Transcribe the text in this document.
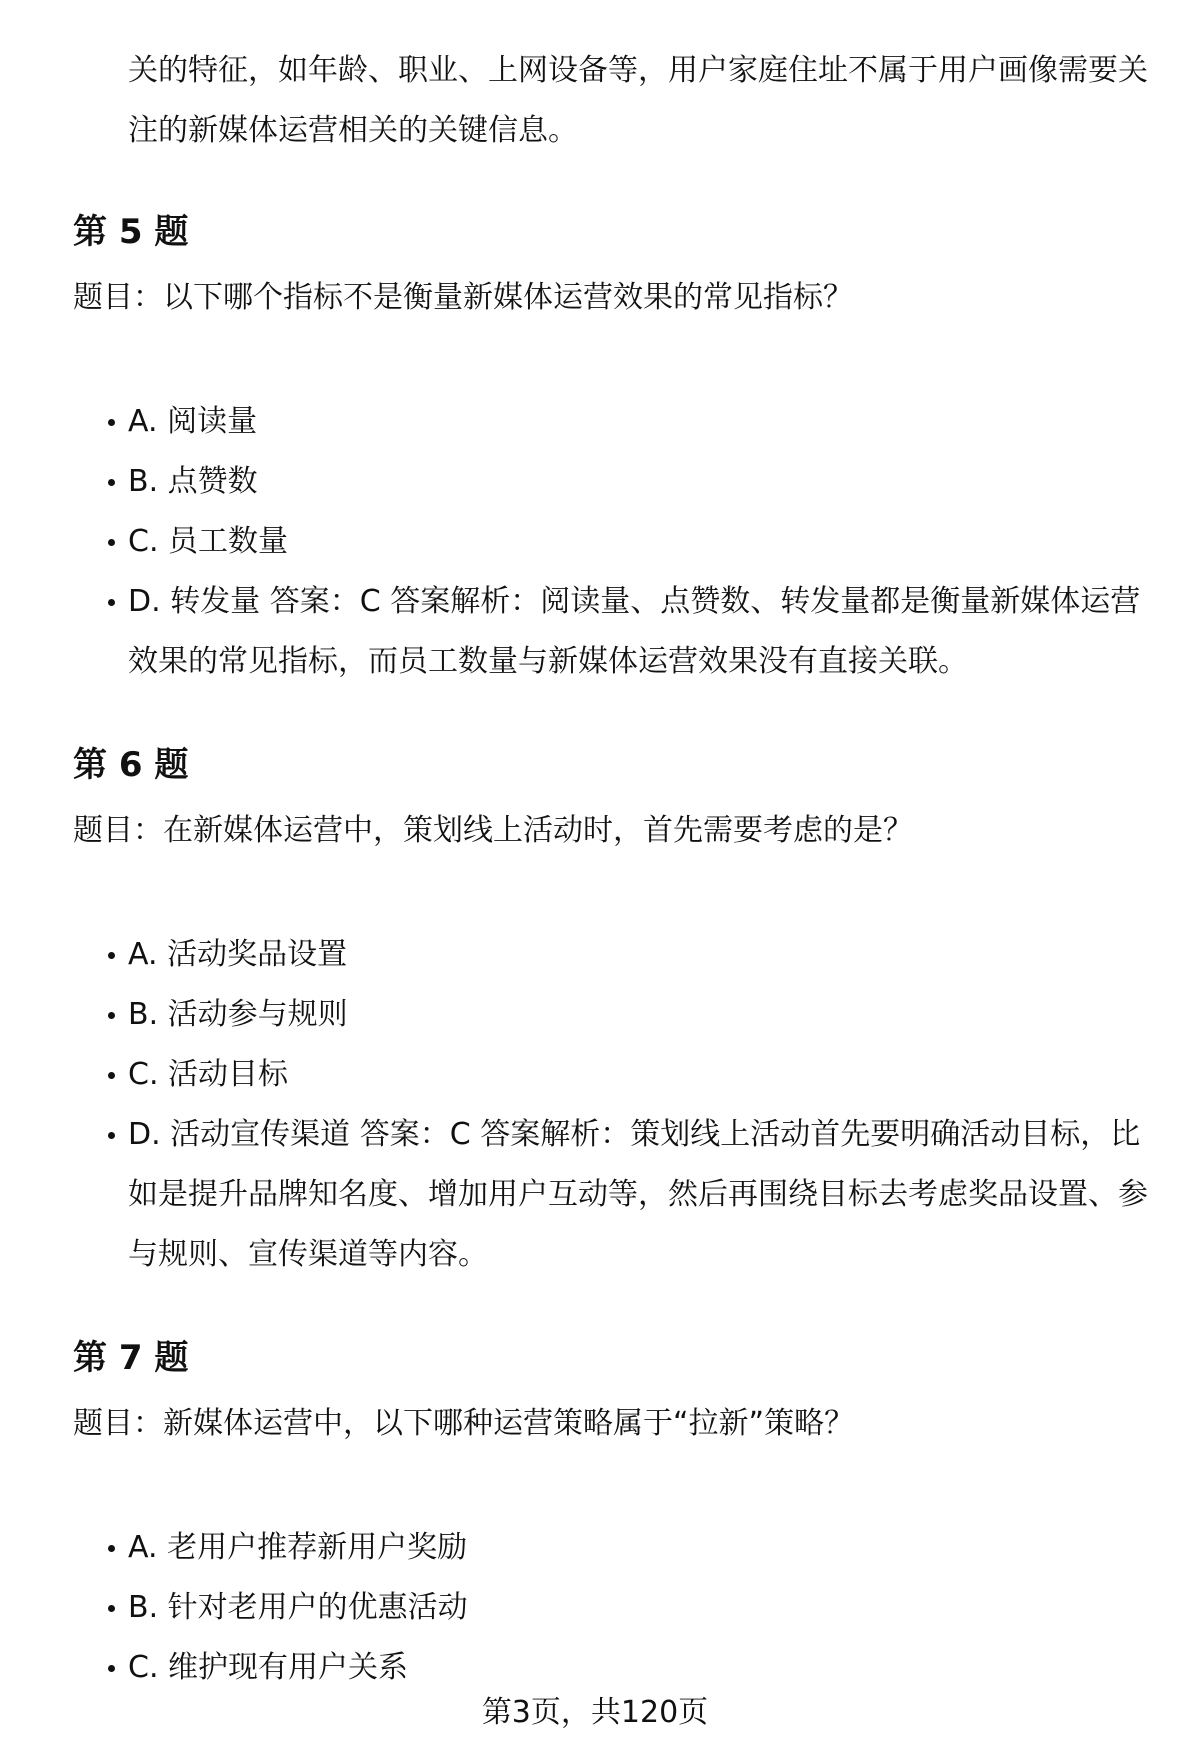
关的特征，如年龄、职业、上网设备等，用户家庭住址不属于用户画像需要关注的新媒体运营相关的关键信息。

第 5 题

题目：以下哪个指标不是衡量新媒体运营效果的常见指标？

A. 阅读量
B. 点赞数
C. 员工数量
D. 转发量 答案：C 答案解析：阅读量、点赞数、转发量都是衡量新媒体运营效果的常见指标，而员工数量与新媒体运营效果没有直接关联。
第 6 题

题目：在新媒体运营中，策划线上活动时，首先需要考虑的是？

A. 活动奖品设置
B. 活动参与规则
C. 活动目标
D. 活动宣传渠道 答案：C 答案解析：策划线上活动首先要明确活动目标，比如是提升品牌知名度、增加用户互动等，然后再围绕目标去考虑奖品设置、参与规则、宣传渠道等内容。
第 7 题

题目：新媒体运营中，以下哪种运营策略属于“拉新”策略？

A. 老用户推荐新用户奖励
B. 针对老用户的优惠活动
C. 维护现有用户关系

第3页，共120页
